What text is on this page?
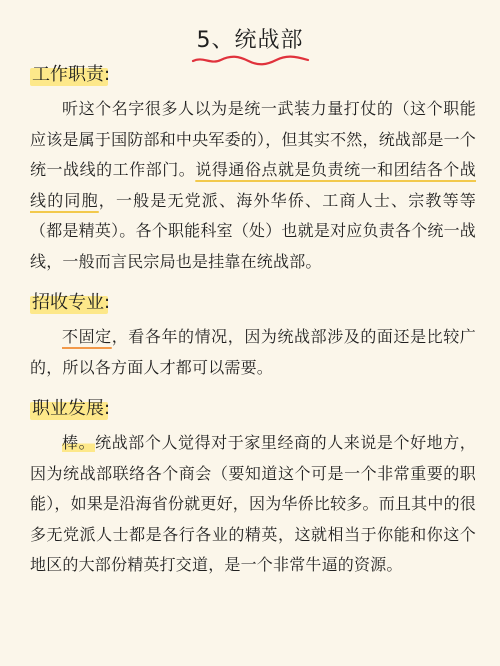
5、统战部
工作职责:
听这个名字很多人以为是统一武装力量打仗的（这个职能应该是属于国防部和中央军委的），但其实不然，统战部是一个统一战线的工作部门。说得通俗点就是负责统一和团结各个战线的同胞，一般是无党派、海外华侨、工商人士、宗教等等（都是精英）。各个职能科室（处）也就是对应负责各个统一战线，一般而言民宗局也是挂靠在统战部。
招收专业:
不固定，看各年的情况，因为统战部涉及的面还是比较广的，所以各方面人才都可以需要。
职业发展:
棒。统战部个人觉得对于家里经商的人来说是个好地方，因为统战部联络各个商会（要知道这个可是一个非常重要的职能），如果是沿海省份就更好，因为华侨比较多。而且其中的很多无党派人士都是各行各业的精英，这就相当于你能和你这个地区的大部份精英打交道，是一个非常牛逼的资源。
